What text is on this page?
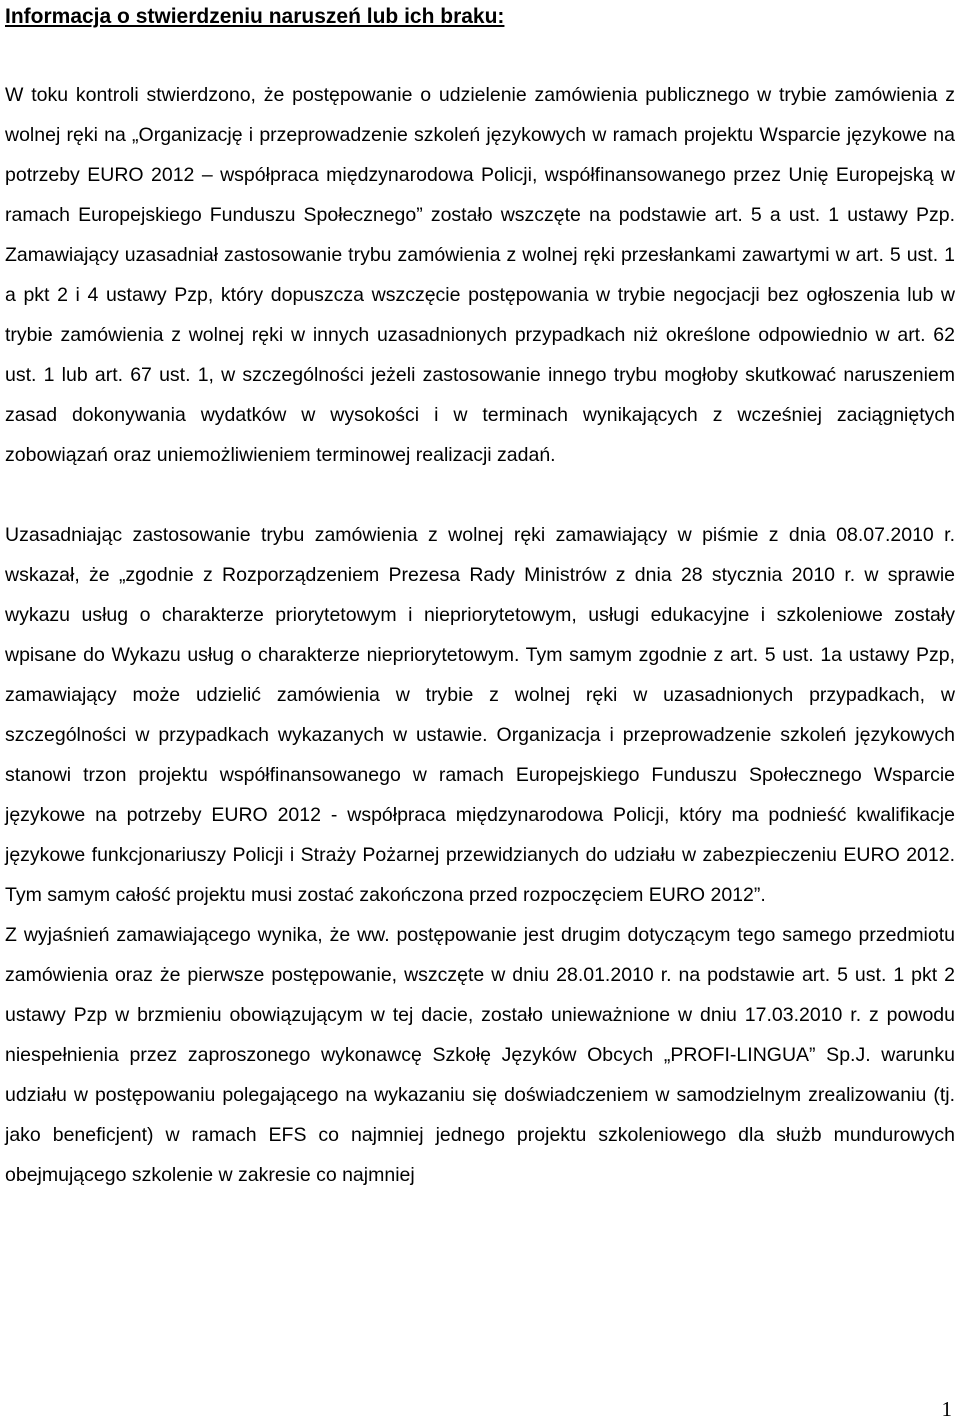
Informacja o stwierdzeniu naruszeń lub ich braku:

W toku kontroli stwierdzono, że postępowanie o udzielenie zamówienia publicznego w trybie zamówienia z wolnej ręki na „Organizację i przeprowadzenie szkoleń językowych w ramach projektu Wsparcie językowe na potrzeby EURO 2012 – współpraca międzynarodowa Policji, współfinansowanego przez Unię Europejską w ramach Europejskiego Funduszu Społecznego” zostało wszczęte na podstawie art. 5 a ust. 1 ustawy Pzp. Zamawiający uzasadniał zastosowanie trybu zamówienia z wolnej ręki przesłankami zawartymi w art. 5 ust. 1 a pkt 2 i 4 ustawy Pzp, który dopuszcza wszczęcie postępowania w trybie negocjacji bez ogłoszenia lub w trybie zamówienia z wolnej ręki w innych uzasadnionych przypadkach niż określone odpowiednio w art. 62 ust. 1 lub art. 67 ust. 1, w szczególności jeżeli zastosowanie innego trybu mogłoby skutkować naruszeniem zasad dokonywania wydatków w wysokości i w terminach wynikających z wcześniej zaciągniętych zobowiązań oraz uniemożliwieniem terminowej realizacji zadań.

Uzasadniając zastosowanie trybu zamówienia z wolnej ręki zamawiający w piśmie z dnia 08.07.2010 r. wskazał, że „zgodnie z Rozporządzeniem Prezesa Rady Ministrów z dnia 28 stycznia 2010 r. w sprawie wykazu usług o charakterze priorytetowym i niepriorytetowym, usługi edukacyjne i szkoleniowe zostały wpisane do Wykazu usług o charakterze niepriorytetowym. Tym samym zgodnie z art. 5 ust. 1a ustawy Pzp, zamawiający może udzielić zamówienia w trybie z wolnej ręki w uzasadnionych przypadkach, w szczególności w przypadkach wykazanych w ustawie. Organizacja i przeprowadzenie szkoleń językowych stanowi trzon projektu współfinansowanego w ramach Europejskiego Funduszu Społecznego Wsparcie językowe na potrzeby EURO 2012 - współpraca międzynarodowa Policji, który ma podnieść kwalifikacje językowe funkcjonariuszy Policji i Straży Pożarnej przewidzianych do udziału w zabezpieczeniu EURO 2012. Tym samym całość projektu musi zostać zakończona przed rozpoczęciem EURO 2012”.

Z wyjaśnień zamawiającego wynika, że ww. postępowanie jest drugim dotyczącym tego samego przedmiotu zamówienia oraz że pierwsze postępowanie, wszczęte w dniu 28.01.2010 r. na podstawie art. 5 ust. 1 pkt 2 ustawy Pzp w brzmieniu obowiązującym w tej dacie, zostało unieważnione w dniu 17.03.2010 r. z powodu niespełnienia przez zaproszonego wykonawcę Szkołę Języków Obcych „PROFI-LINGUA” Sp.J. warunku udziału w postępowaniu polegającego na wykazaniu się doświadczeniem w samodzielnym zrealizowaniu (tj. jako beneficjent) w ramach EFS co najmniej jednego projektu szkoleniowego dla służb mundurowych obejmującego szkolenie w zakresie co najmniej

1
